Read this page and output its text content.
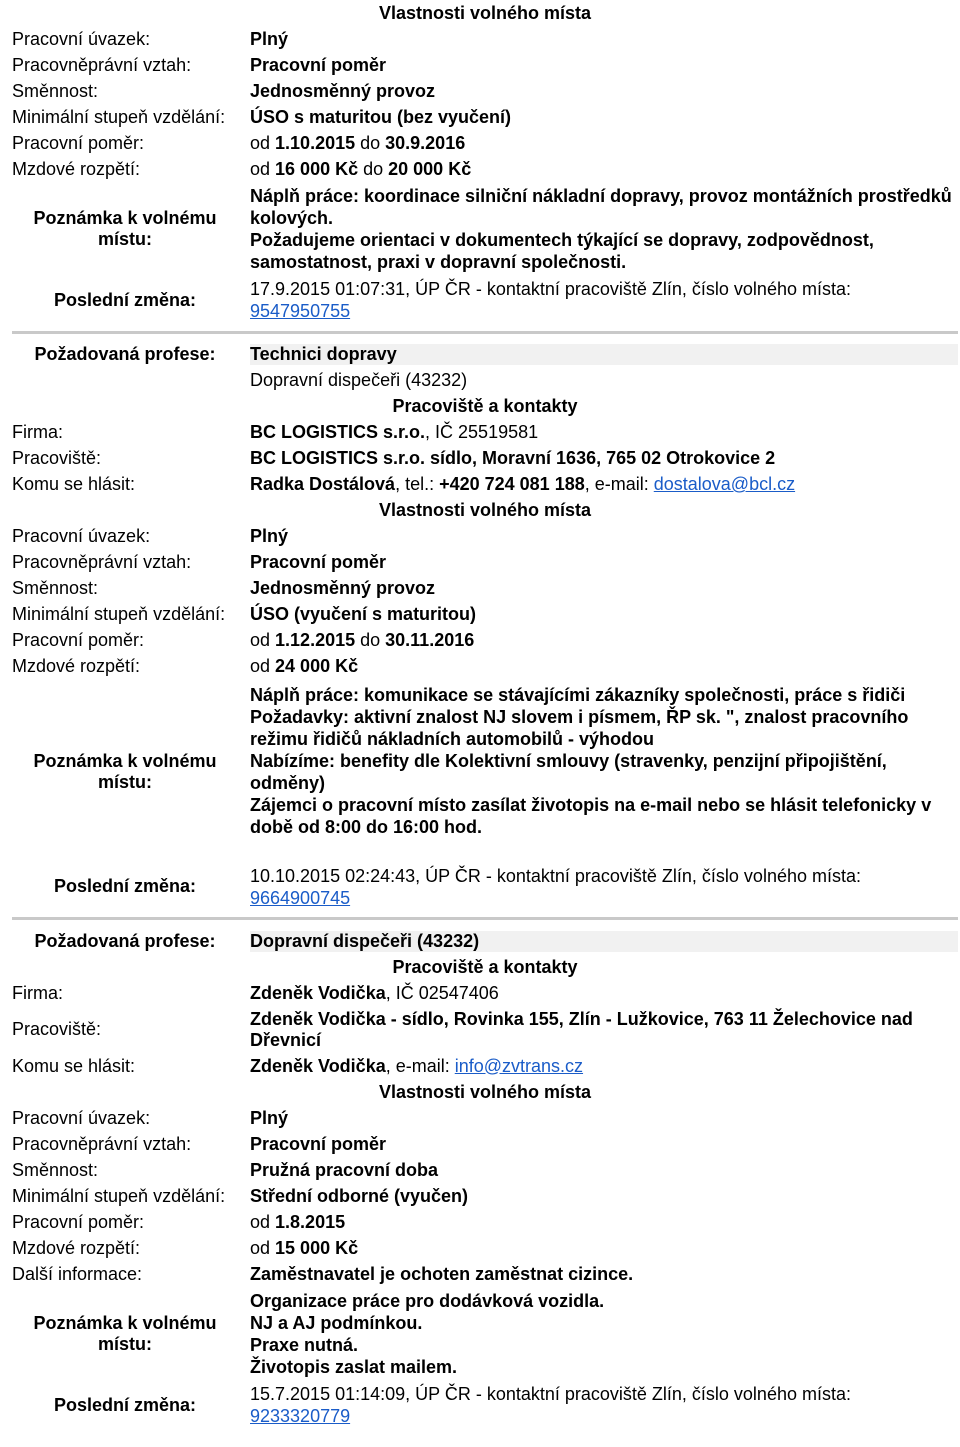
Vlastnosti volného místa
Pracovní úvazek:	Plný
Pracovněprávní vztah:	Pracovní poměr
Směnnost:	Jednosměnný provoz
Minimální stupeň vzdělání:	ÚSO s maturitou (bez vyučení)
Pracovní poměr:	od 1.10.2015 do 30.9.2016
Mzdové rozpětí:	od 16 000 Kč do 20 000 Kč
Poznámka k volnému místu:
Náplň práce: koordinace silniční nákladní dopravy, provoz montážních prostředků kolových.
Požadujeme orientaci v dokumentech týkající se dopravy, zodpovědnost, samostatnost, praxi v dopravní společnosti.
Poslední změna:
17.9.2015 01:07:31, ÚP ČR - kontaktní pracoviště Zlín, číslo volného místa:
9547950755
Požadovaná profese:	Technici dopravy
Dopravní dispečeři (43232)
Pracoviště a kontakty
Firma:	BC LOGISTICS s.r.o., IČ 25519581
Pracoviště:	BC LOGISTICS s.r.o. sídlo, Moravní 1636, 765 02 Otrokovice 2
Komu se hlásit:	Radka Dostálová, tel.: +420 724 081 188, e-mail: dostalova@bcl.cz
Vlastnosti volného místa
Pracovní úvazek:	Plný
Pracovněprávní vztah:	Pracovní poměr
Směnnost:	Jednosměnný provoz
Minimální stupeň vzdělání:	ÚSO (vyučení s maturitou)
Pracovní poměr:	od 1.12.2015 do 30.11.2016
Mzdové rozpětí:	od 24 000 Kč
Poznámka k volnému místu:
Náplň práce: komunikace se stávajícími zákazníky společnosti, práce s řidiči
Požadavky: aktivní znalost NJ slovem i písmem, ŘP sk. ", znalost pracovního režimu řidičů nákladních automobilů - výhodou
Nabízíme: benefity dle Kolektivní smlouvy (stravenky, penzijní připojištění, odměny)
Zájemci o pracovní místo zasílat životopis na e-mail nebo se hlásit telefonicky v době od 8:00 do 16:00 hod.
Poslední změna:
10.10.2015 02:24:43, ÚP ČR - kontaktní pracoviště Zlín, číslo volného místa:
9664900745
Požadovaná profese:	Dopravní dispečeři (43232)
Pracoviště a kontakty
Firma:	Zdeněk Vodička, IČ 02547406
Pracoviště:
Zdeněk Vodička - sídlo, Rovinka 155, Zlín - Lužkovice, 763 11 Želechovice nad Dřevnicí
Komu se hlásit:	Zdeněk Vodička, e-mail: info@zvtrans.cz
Vlastnosti volného místa
Pracovní úvazek:	Plný
Pracovněprávní vztah:	Pracovní poměr
Směnnost:	Pružná pracovní doba
Minimální stupeň vzdělání:	Střední odborné (vyučen)
Pracovní poměr:	od 1.8.2015
Mzdové rozpětí:	od 15 000 Kč
Další informace:	Zaměstnavatel je ochoten zaměstnat cizince.
Poznámka k volnému místu:
Organizace práce pro dodávková vozidla.
NJ a AJ podmínkou.
Praxe nutná.
Životopis zaslat mailem.
Poslední změna:
15.7.2015 01:14:09, ÚP ČR - kontaktní pracoviště Zlín, číslo volného místa:
9233320779
